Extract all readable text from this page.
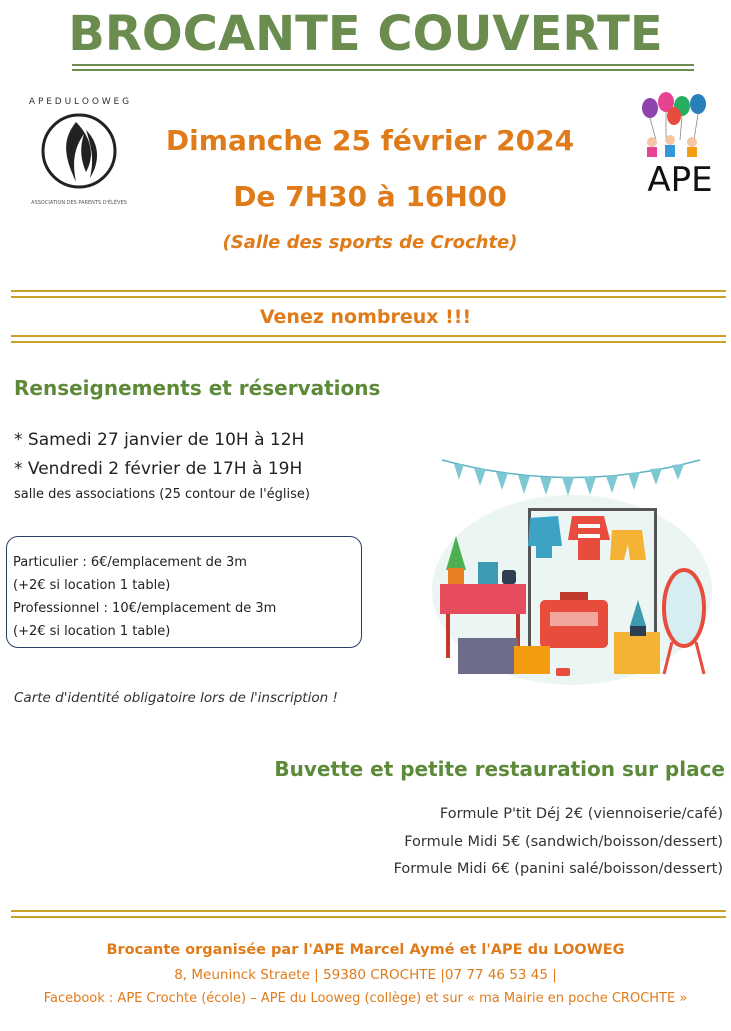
BROCANTE COUVERTE
A P E D U L O O W E G
ASSOCIATION DES PARENTS D'ÉLÈVES
APE
Dimanche 25 février 2024
De 7H30 à 16H00
(Salle des sports de Crochte)
Venez nombreux !!!
Renseignements et réservations
* Samedi 27 janvier de 10H à 12H
* Vendredi 2 février de 17H à 19H
salle des associations (25 contour de l'église)
Particulier : 6€/emplacement de 3m
(+2€ si location 1 table)
Professionnel : 10€/emplacement de 3m
(+2€ si location 1 table)
Carte d'identité obligatoire lors de l'inscription !
Buvette et petite restauration sur place
Formule P'tit Déj 2€ (viennoiserie/café)
Formule Midi 5€ (sandwich/boisson/dessert)
Formule Midi 6€ (panini salé/boisson/dessert)
Brocante organisée par l'APE Marcel Aymé et l'APE du LOOWEG
8, Meuninck Straete | 59380 CROCHTE |07 77 46 53 45 |
Facebook : APE Crochte (école) – APE du Looweg (collège) et sur « ma Mairie en poche CROCHTE »
